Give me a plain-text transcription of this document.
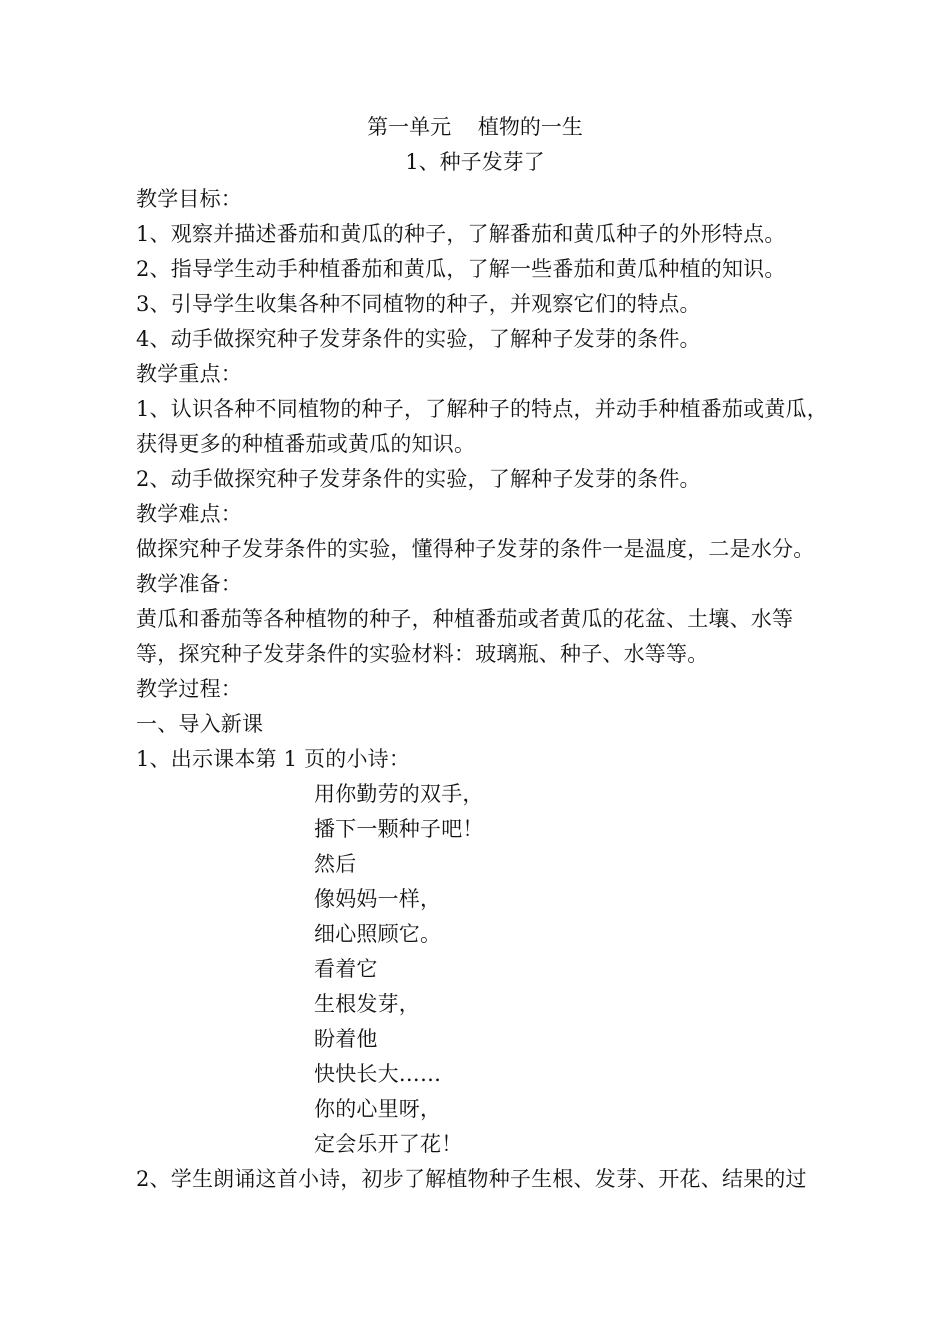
第一单元    植物的一生
1、种子发芽了
教学目标：
1、观察并描述番茄和黄瓜的种子，了解番茄和黄瓜种子的外形特点。
2、指导学生动手种植番茄和黄瓜，了解一些番茄和黄瓜种植的知识。
3、引导学生收集各种不同植物的种子，并观察它们的特点。
4、动手做探究种子发芽条件的实验，了解种子发芽的条件。
教学重点：
1、认识各种不同植物的种子，了解种子的特点，并动手种植番茄或黄瓜，
获得更多的种植番茄或黄瓜的知识。
2、动手做探究种子发芽条件的实验，了解种子发芽的条件。
教学难点：
做探究种子发芽条件的实验，懂得种子发芽的条件一是温度，二是水分。
教学准备：
黄瓜和番茄等各种植物的种子，种植番茄或者黄瓜的花盆、土壤、水等
等，探究种子发芽条件的实验材料：玻璃瓶、种子、水等等。
教学过程：
一、导入新课
1、出示课本第 1 页的小诗：
用你勤劳的双手，
播下一颗种子吧！
然后
像妈妈一样，
细心照顾它。
看着它
生根发芽，
盼着他
快快长大……
你的心里呀，
定会乐开了花！
2、学生朗诵这首小诗，初步了解植物种子生根、发芽、开花、结果的过
